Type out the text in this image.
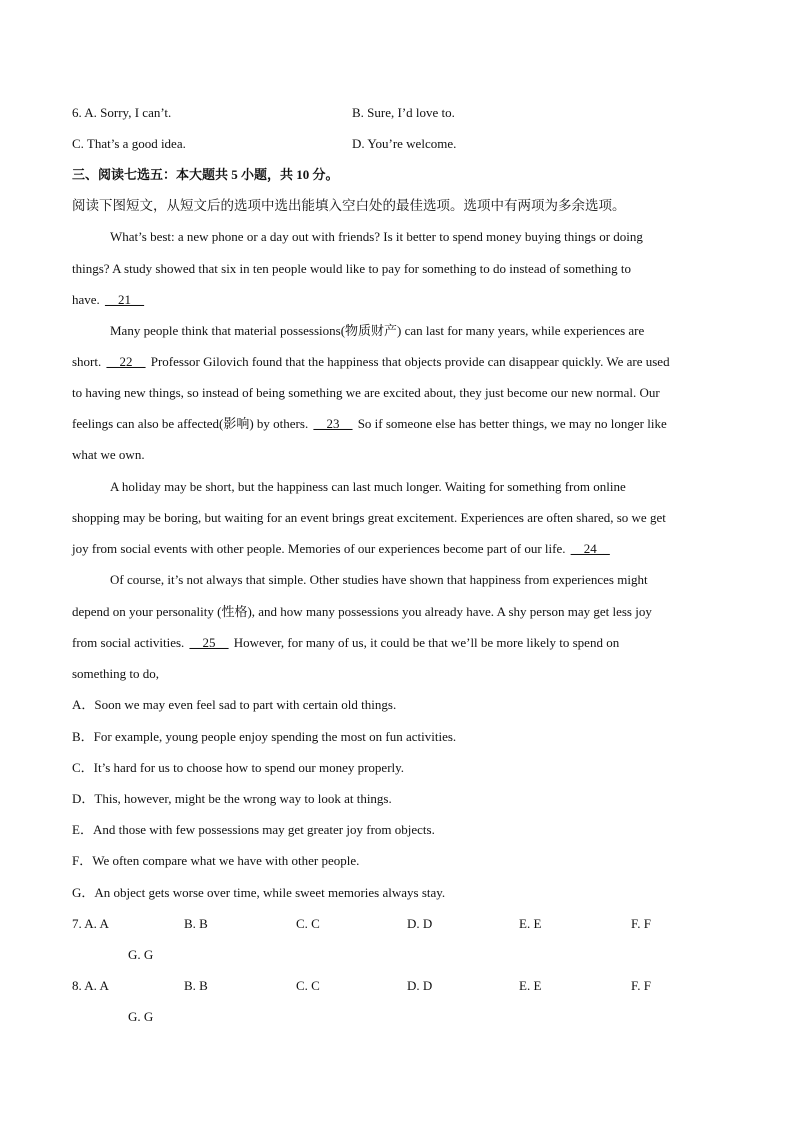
6. A. Sorry, I can’t.	B. Sure, I’d love to.
C. That’s a good idea.	D. You’re welcome.
三、阅读七选五：本大题共 5 小题，共 10 分。
阅读下图短文，从短文后的选项中选出能填入空白处的最佳选项。选项中有两项为多余选项。
What’s best: a new phone or a day out with friends? Is it better to spend money buying things or doing
things? A study showed that six in ten people would like to pay for something to do instead of something to
have. __21__
Many people think that material possessions(物质财产) can last for many years, while experiences are
short. __22__ Professor Gilovich found that the happiness that objects provide can disappear quickly. We are used
to having new things, so instead of being something we are excited about, they just become our new normal. Our
feelings can also be affected(影响) by others. __23__ So if someone else has better things, we may no longer like
what we own.
A holiday may be short, but the happiness can last much longer. Waiting for something from online
shopping may be boring, but waiting for an event brings great excitement. Experiences are often shared, so we get
joy from social events with other people. Memories of our experiences become part of our life. __24__
Of course, it’s not always that simple. Other studies have shown that happiness from experiences might
depend on your personality (性格), and how many possessions you already have. A shy person may get less joy
from social activities. __25__ However, for many of us, it could be that we’ll be more likely to spend on
something to do,
A．Soon we may even feel sad to part with certain old things.
B．For example, young people enjoy spending the most on fun activities.
C．It’s hard for us to choose how to spend our money properly.
D．This, however, might be the wrong way to look at things.
E．And those with few possessions may get greater joy from objects.
F．We often compare what we have with other people.
G．An object gets worse over time, while sweet memories always stay.
7. A. A	B. B	C. C	D. D	E. E	F. F
G. G
8. A. A	B. B	C. C	D. D	E. E	F. F
G. G
